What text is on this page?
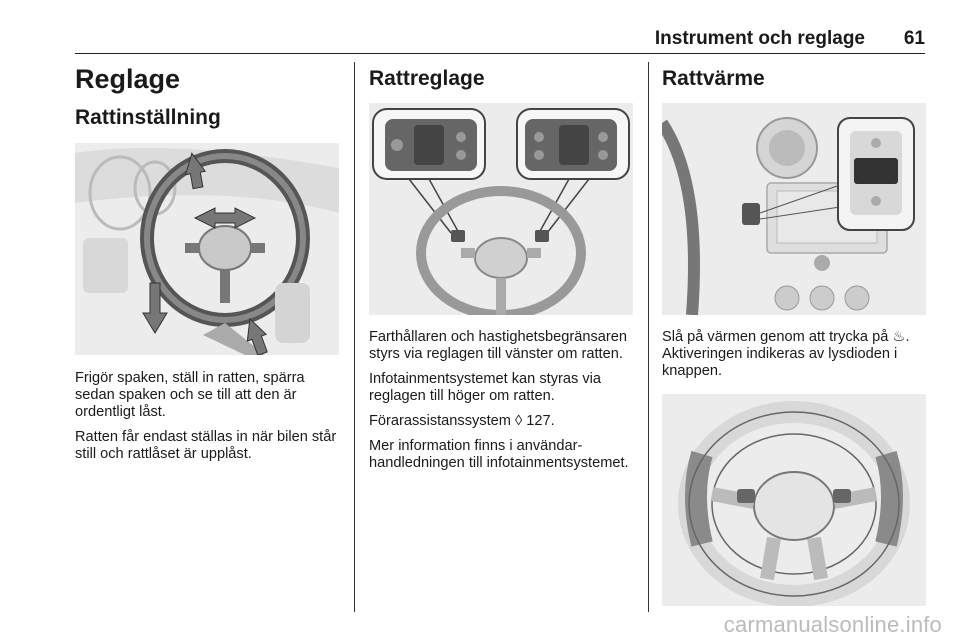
Instrument och reglage 61
Reglage
Rattinställning

Frigör spaken, ställ in ratten, spärra sedan spaken och se till att den är ordentligt låst.

Ratten får endast ställas in när bilen står still och rattlåset är upplåst.

Rattreglage

Farthållaren och hastighetsbegränsaren styrs via reglagen till vänster om ratten.

Infotainmentsystemet kan styras via reglagen till höger om ratten.

Förarassistanssystem ◊ 127.

Mer information finns i användarhandledningen till infotainmentsystemet.

Rattvärme

Slå på värmen genom att trycka på ♨. Aktiveringen indikeras av lysdioden i knappen.

carmanualsonline.info
